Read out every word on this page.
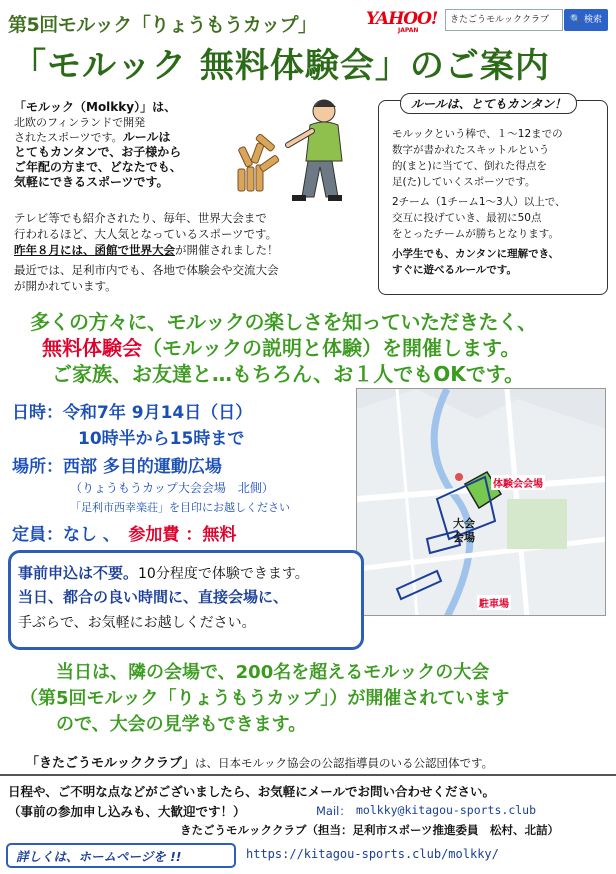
第5回モルック「りょうもうカップ」	YAHOO!
JAPAN
きたごうモルッククラブ	🔍 検索
「モルック 無料体験会」のご案内
「モルック（Molkky）」は、
北欧のフィンランドで開発
されたスポーツです。ルールは
とてもカンタンで、お子様から
ご年配の方まで、どなたでも、
気軽にできるスポーツです。
テレビ等でも紹介されたり、毎年、世界大会まで
行われるほど、大人気となっているスポーツです。
昨年８月には、函館で世界大会が開催されました！
最近では、足利市内でも、各地で体験会や交流大会
が開かれています。
ルールは、とてもカンタン！
モルックという棒で、１〜12までの
数字が書かれたスキットルという
的(まと)に当てて、倒れた得点を
足(た)していくスポーツです。
2チーム（1チーム1〜3人）以上で、
交互に投げていき、最初に50点
をとったチームが勝ちとなります。
小学生でも、カンタンに理解でき、
すぐに遊べるルールです。
多くの方々に、モルックの楽しさを知っていただきたく、
無料体験会（モルックの説明と体験）を開催します。
ご家族、お友達と…もちろん、お１人でもOKです。
日時：令和7年 9月14日（日）
10時半から15時まで
場所：西部 多目的運動広場
（りょうもうカップ大会会場　北側）
「足利市西幸楽荘」を目印にお越しください
定員：なし 、　 参加費 ：無料
体験会会場
大会
会場
駐車場
事前申込は不要。10分程度で体験できます。
当日、都合の良い時間に、直接会場に、
手ぶらで、お気軽にお越しください。
当日は、隣の会場で、200名を超えるモルックの大会
（第5回モルック「りょうもうカップ」）が開催されています
ので、大会の見学もできます。
「きたごうモルッククラブ」は、日本モルック協会の公認指導員のいる公認団体です。
日程や、ご不明な点などがございましたら、お気軽にメールでお問い合わせください。
（事前の参加申し込みも、大歓迎です！）	Mail： molkky@kitagou-sports.club
きたごうモルッククラブ（担当：足利市スポーツ推進委員　松村、北詰）
詳しくは、ホームページを !!	https://kitagou-sports.club/molkky/
